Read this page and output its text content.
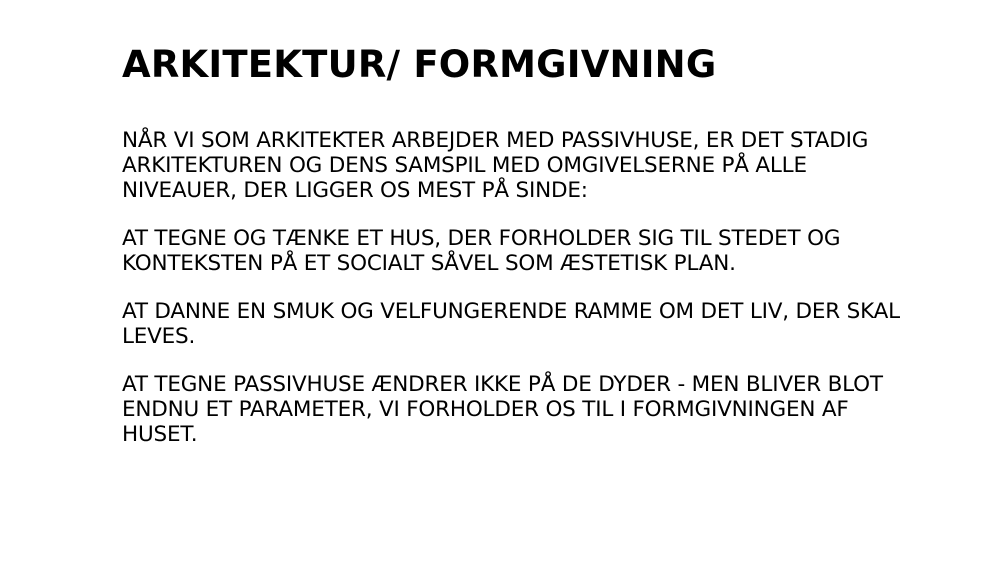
ARKITEKTUR/ FORMGIVNING

NÅR VI SOM ARKITEKTER ARBEJDER MED PASSIVHUSE, ER DET STADIG
ARKITEKTUREN OG DENS SAMSPIL MED OMGIVELSERNE PÅ ALLE
NIVEAUER, DER LIGGER OS MEST PÅ SINDE:

AT TEGNE OG TÆNKE ET HUS, DER FORHOLDER SIG TIL STEDET OG
KONTEKSTEN PÅ ET SOCIALT SÅVEL SOM ÆSTETISK PLAN.

AT DANNE EN SMUK OG VELFUNGERENDE RAMME OM DET LIV, DER SKAL
LEVES.

AT TEGNE PASSIVHUSE ÆNDRER IKKE PÅ DE DYDER - MEN BLIVER BLOT
ENDNU ET PARAMETER, VI FORHOLDER OS TIL I FORMGIVNINGEN AF
HUSET.
